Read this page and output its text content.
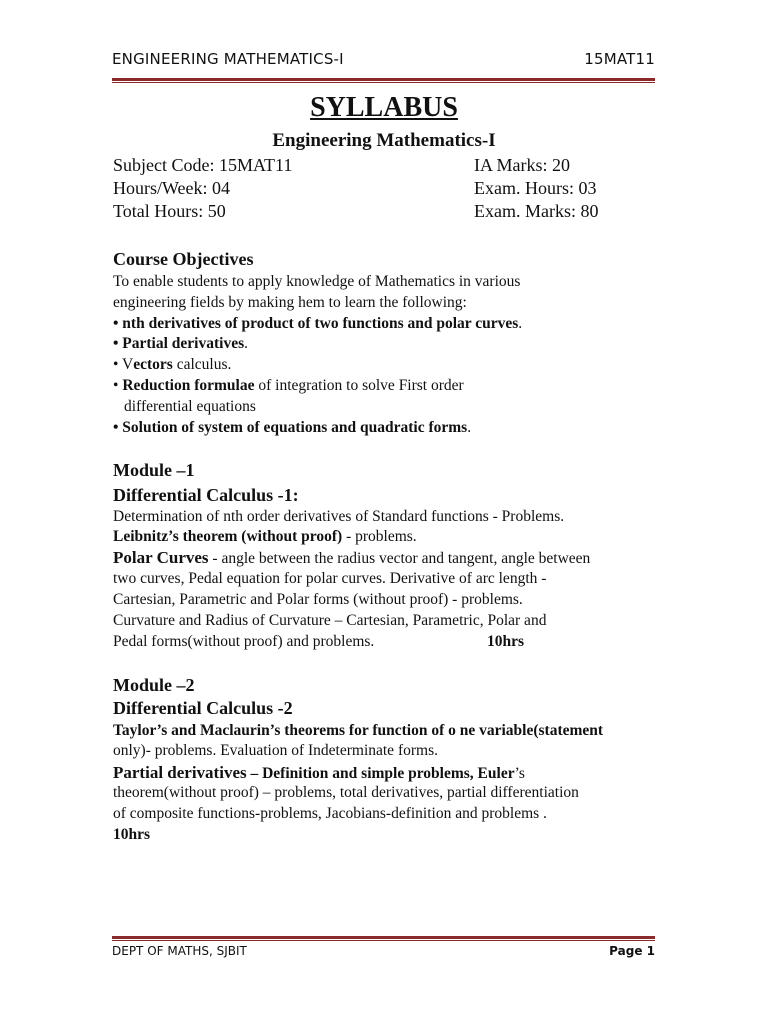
ENGINEERING MATHEMATICS-I	15MAT11
SYLLABUS
Engineering Mathematics-I
Subject Code: 15MAT11	IA Marks: 20
Hours/Week: 04	Exam. Hours: 03
Total Hours: 50	Exam. Marks: 80
Course Objectives
To enable students to apply knowledge of Mathematics in various
engineering fields by making hem to learn the following:
• nth derivatives of product of two functions and polar curves.
• Partial derivatives.
• Vectors calculus.
• Reduction formulae of integration to solve First order
differential equations
• Solution of system of equations and quadratic forms.
Module –1
Differential Calculus -1:
Determination of nth order derivatives of Standard functions - Problems.
Leibnitz’s theorem (without proof) - problems.
Polar Curves - angle between the radius vector and tangent, angle between
two curves, Pedal equation for polar curves. Derivative of arc length -
Cartesian, Parametric and Polar forms (without proof) - problems.
Curvature and Radius of Curvature – Cartesian, Parametric, Polar and
Pedal forms(without proof) and problems.	10hrs
Module –2
Differential Calculus -2
Taylor’s and Maclaurin’s theorems for function of o ne variable(statement
only)- problems. Evaluation of Indeterminate forms.
Partial derivatives – Definition and simple problems, Euler’s
theorem(without proof) – problems, total derivatives, partial differentiation
of composite functions-problems, Jacobians-definition and problems .
10hrs
DEPT OF MATHS, SJBIT	Page 1
